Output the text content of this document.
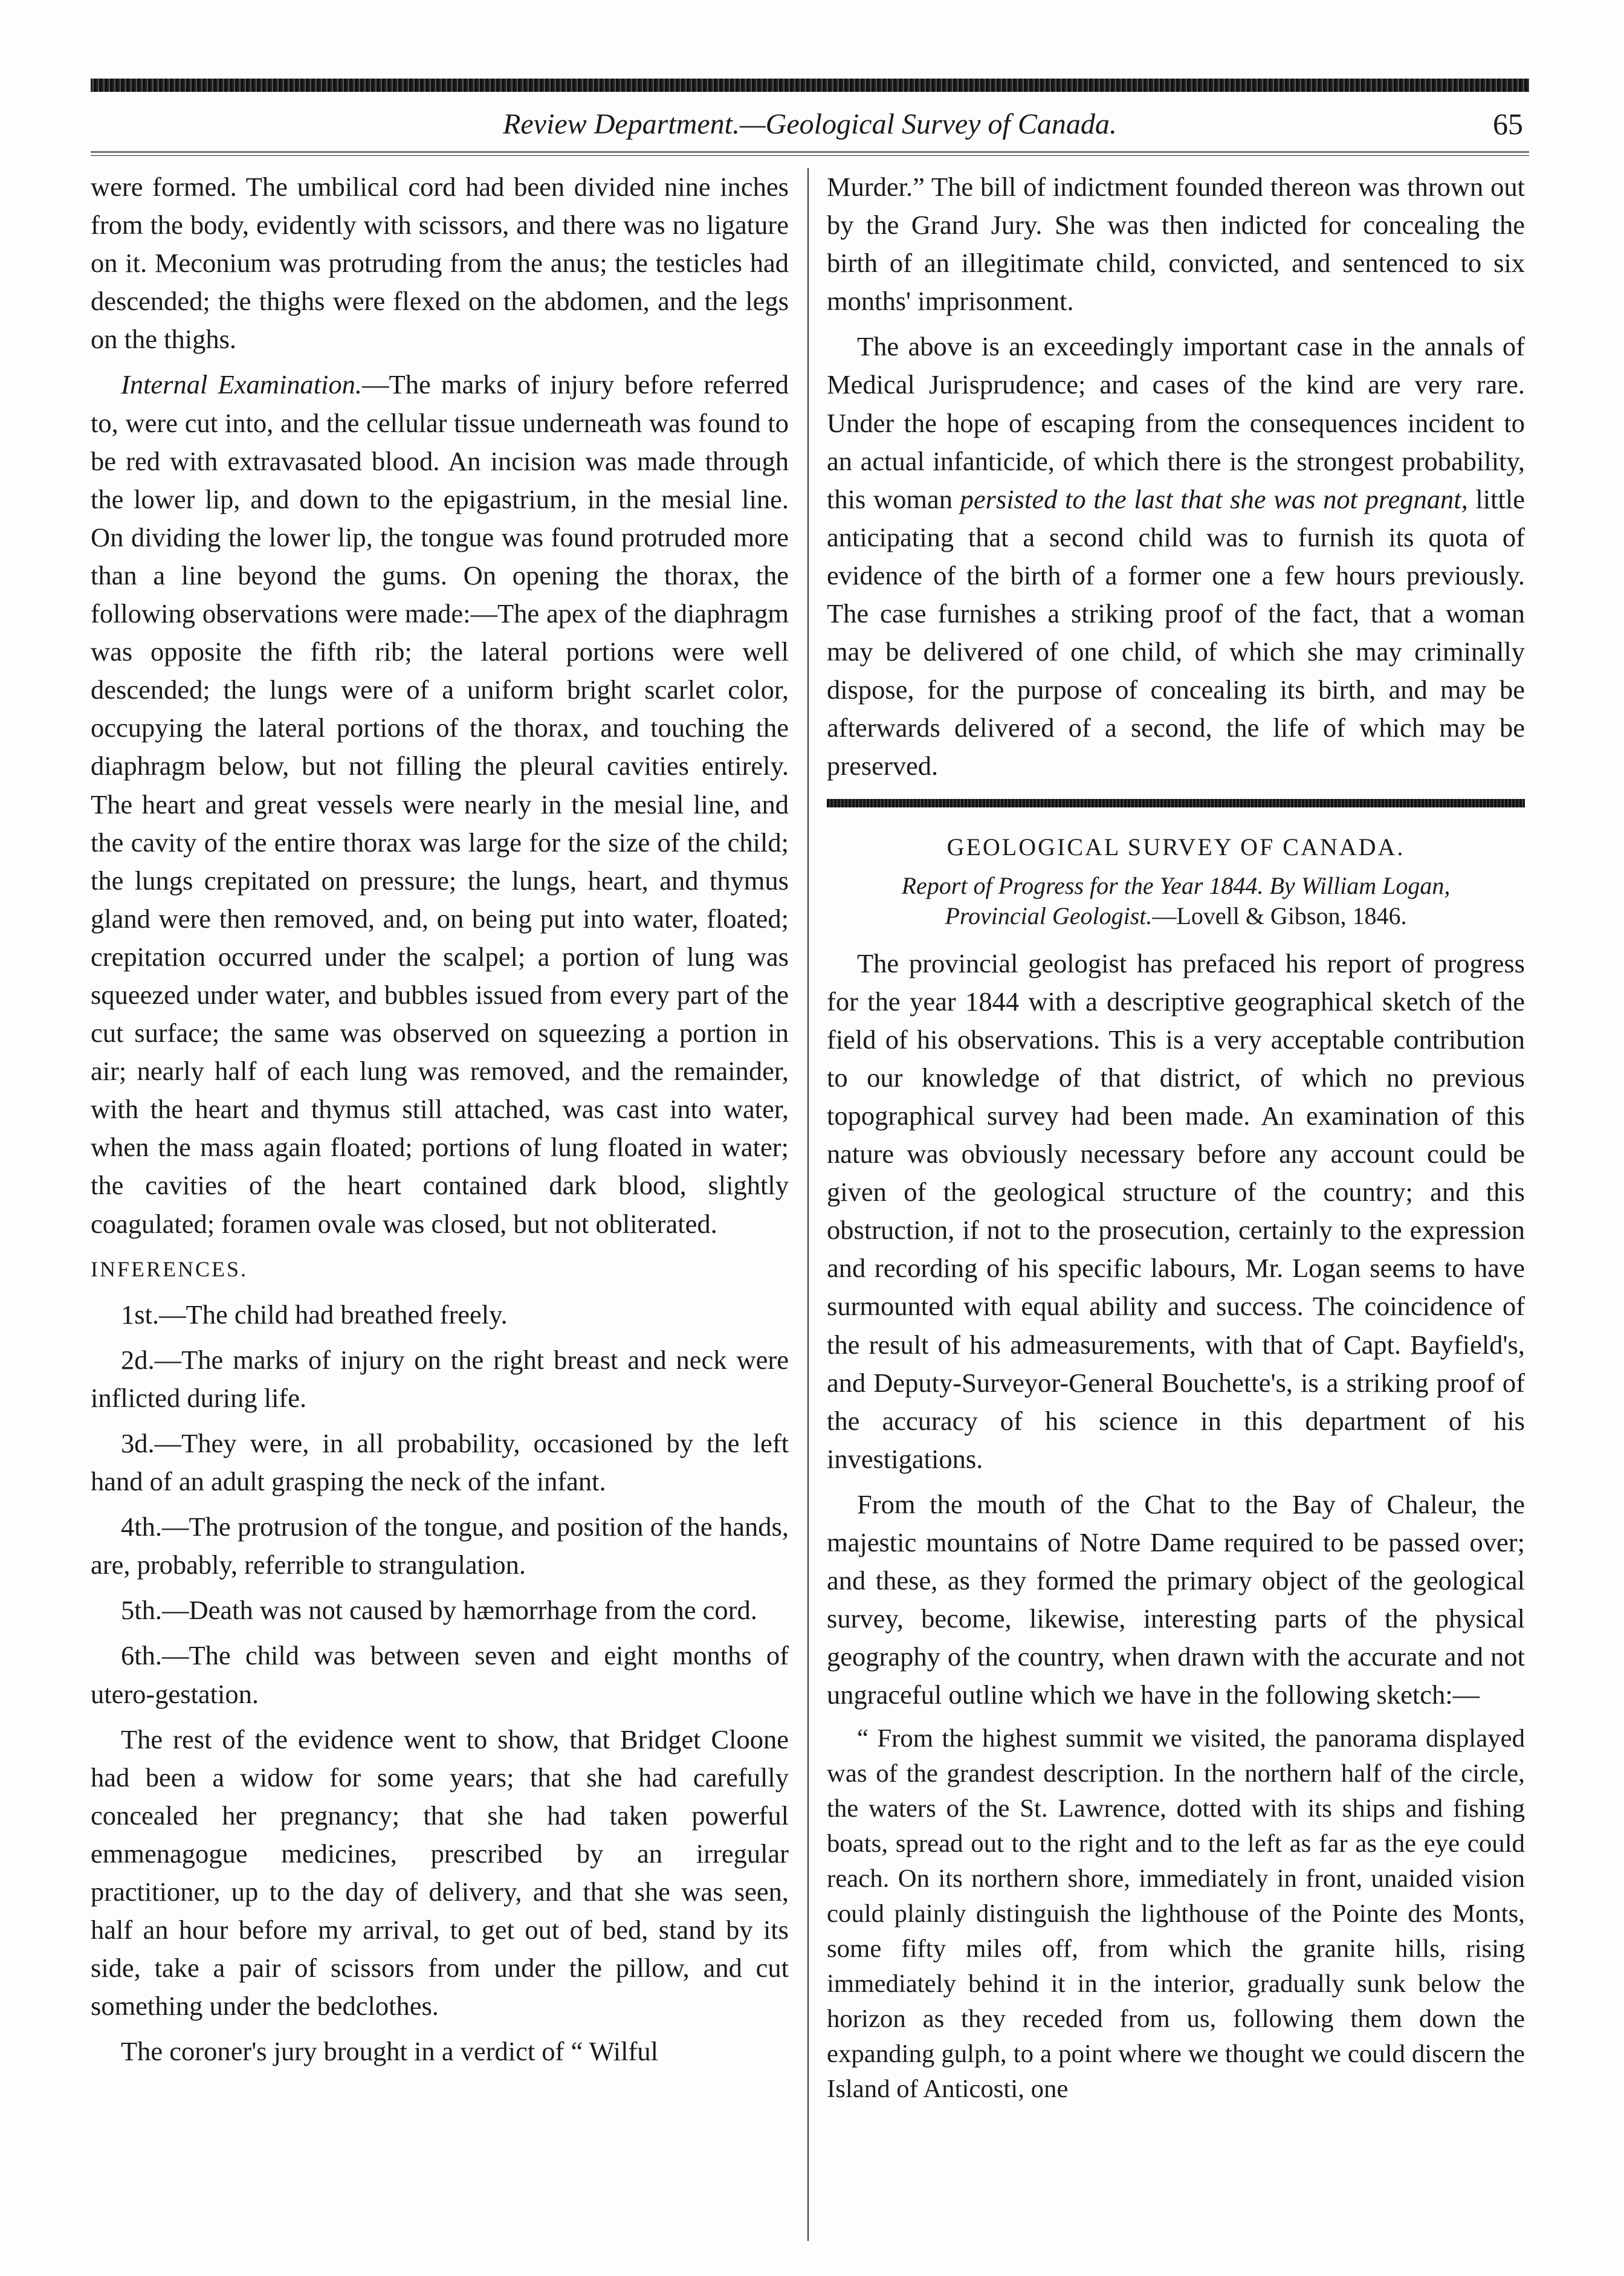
Review Department.—Geological Survey of Canada.	65

were formed. The umbilical cord had been divided nine inches from the body, evidently with scissors, and there was no ligature on it. Meconium was protruding from the anus; the testicles had descended; the thighs were flexed on the abdomen, and the legs on the thighs.

Internal Examination.—The marks of injury before referred to, were cut into, and the cellular tissue underneath was found to be red with extravasated blood. An incision was made through the lower lip, and down to the epigastrium, in the mesial line. On dividing the lower lip, the tongue was found protruded more than a line beyond the gums. On opening the thorax, the following observations were made:—The apex of the diaphragm was opposite the fifth rib; the lateral portions were well descended; the lungs were of a uniform bright scarlet color, occupying the lateral portions of the thorax, and touching the diaphragm below, but not filling the pleural cavities entirely. The heart and great vessels were nearly in the mesial line, and the cavity of the entire thorax was large for the size of the child; the lungs crepitated on pressure; the lungs, heart, and thymus gland were then removed, and, on being put into water, floated; crepitation occurred under the scalpel; a portion of lung was squeezed under water, and bubbles issued from every part of the cut surface; the same was observed on squeezing a portion in air; nearly half of each lung was removed, and the remainder, with the heart and thymus still attached, was cast into water, when the mass again floated; portions of lung floated in water; the cavities of the heart contained dark blood, slightly coagulated; foramen ovale was closed, but not obliterated.

INFERENCES.

1st.—The child had breathed freely.

2d.—The marks of injury on the right breast and neck were inflicted during life.

3d.—They were, in all probability, occasioned by the left hand of an adult grasping the neck of the infant.

4th.—The protrusion of the tongue, and position of the hands, are, probably, referrible to strangulation.

5th.—Death was not caused by hæmorrhage from the cord.

6th.—The child was between seven and eight months of utero-gestation.

The rest of the evidence went to show, that Bridget Cloone had been a widow for some years; that she had carefully concealed her pregnancy; that she had taken powerful emmenagogue medicines, prescribed by an irregular practitioner, up to the day of delivery, and that she was seen, half an hour before my arrival, to get out of bed, stand by its side, take a pair of scissors from under the pillow, and cut something under the bedclothes.

The coroner's jury brought in a verdict of “ Wilful

Murder.” The bill of indictment founded thereon was thrown out by the Grand Jury. She was then indicted for concealing the birth of an illegitimate child, convicted, and sentenced to six months' imprisonment.

The above is an exceedingly important case in the annals of Medical Jurisprudence; and cases of the kind are very rare. Under the hope of escaping from the consequences incident to an actual infanticide, of which there is the strongest probability, this woman persisted to the last that she was not pregnant, little anticipating that a second child was to furnish its quota of evidence of the birth of a former one a few hours previously. The case furnishes a striking proof of the fact, that a woman may be delivered of one child, of which she may criminally dispose, for the purpose of concealing its birth, and may be afterwards delivered of a second, the life of which may be preserved.

GEOLOGICAL SURVEY OF CANADA.
Report of Progress for the Year 1844. By William Logan,
Provincial Geologist.—Lovell & Gibson, 1846.

The provincial geologist has prefaced his report of progress for the year 1844 with a descriptive geographical sketch of the field of his observations. This is a very acceptable contribution to our knowledge of that district, of which no previous topographical survey had been made. An examination of this nature was obviously necessary before any account could be given of the geological structure of the country; and this obstruction, if not to the prosecution, certainly to the expression and recording of his specific labours, Mr. Logan seems to have surmounted with equal ability and success. The coincidence of the result of his admeasurements, with that of Capt. Bayfield's, and Deputy-Surveyor-General Bouchette's, is a striking proof of the accuracy of his science in this department of his investigations.

From the mouth of the Chat to the Bay of Chaleur, the majestic mountains of Notre Dame required to be passed over; and these, as they formed the primary object of the geological survey, become, likewise, interesting parts of the physical geography of the country, when drawn with the accurate and not ungraceful outline which we have in the following sketch:—

“ From the highest summit we visited, the panorama displayed was of the grandest description. In the northern half of the circle, the waters of the St. Lawrence, dotted with its ships and fishing boats, spread out to the right and to the left as far as the eye could reach. On its northern shore, immediately in front, unaided vision could plainly distinguish the lighthouse of the Pointe des Monts, some fifty miles off, from which the granite hills, rising immediately behind it in the interior, gradually sunk below the horizon as they receded from us, following them down the expanding gulph, to a point where we thought we could discern the Island of Anticosti, one
